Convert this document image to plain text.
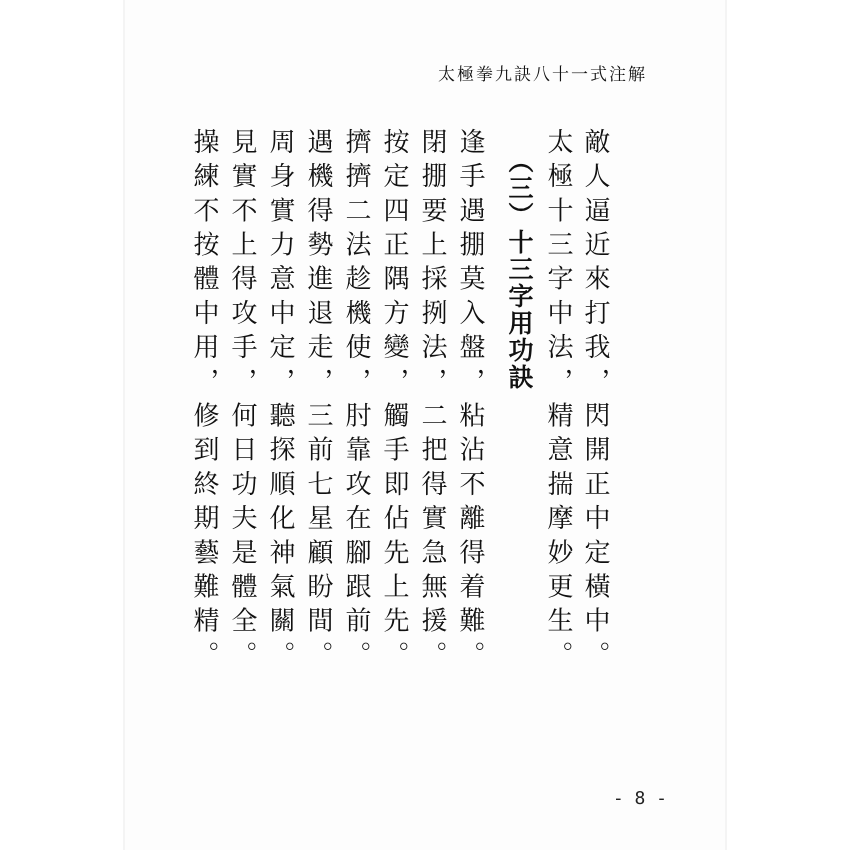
太極拳九訣八十一式注解
敵人逼近來打我，閃開正中定橫中。
太極十三字中法，精意揣摩妙更生。
（三）十三字用功訣
逢手遇掤莫入盤，粘沾不離得着難。
閉掤要上採挒法，二把得實急無援。
按定四正隅方變，觸手即佔先上先。
擠擠二法趁機使，肘靠攻在腳跟前。
遇機得勢進退走，三前七星顧盼間。
周身實力意中定，聽探順化神氣關。
見實不上得攻手，何日功夫是體全。
操練不按體中用，修到終期藝難精。
- 8 -
